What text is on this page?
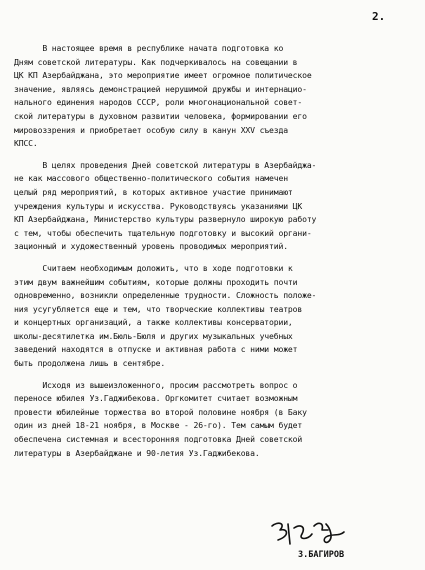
2.
В настоящее время в республике начата подготовка ко
Дням советской литературы. Как подчеркивалось на совещании в
ЦК КП Азербайджана, это мероприятие имеет огромное политическое
значение, являясь демонстрацией нерушимой дружбы и интернацио-
нального единения народов СССР, роли многонациональной совет-
ской литературы в духовном развитии человека, формировании его
мировоззрения и приобретает особую силу в канун ХХV съезда
КПСС.
В целях проведения Дней советской литературы в Азербайджа-
не как массового общественно-политического события намечен
целый ряд мероприятий, в которых активное участие принимают
учреждения культуры и искусства. Руководствуясь указаниями ЦК
КП Азербайджана, Министерство культуры развернуло широкую работу
с тем, чтобы обеспечить тщательную подготовку и высокий органи-
зационный и художественный уровень проводимых мероприятий.
Считаем необходимым доложить, что в ходе подготовки к
этим двум важнейшим событиям, которые должны проходить почти
одновременно, возникли определенные трудности. Сложность положе-
ния усугубляется еще и тем, что творческие коллективы театров
и концертных организаций, а также коллективы консерватории,
школы-десятилетка им.Бюль-Бюля и других музыкальных учебных
заведений находятся в отпуске и активная работа с ними может
быть продолжена лишь в сентябре.
Исходя из вышеизложенного, просим рассмотреть вопрос о
переносе юбилея Уз.Гаджибекова. Оргкомитет считает возможным
провести юбилейные торжества во второй половине ноября (в Баку
один из дней 18-21 ноября, в Москве - 26-го). Тем самым будет
обеспечена системная и всесторонняя подготовка Дней советской
литературы в Азербайджане и 90-летия Уз.Гаджибекова.
З.БАГИРОВ
